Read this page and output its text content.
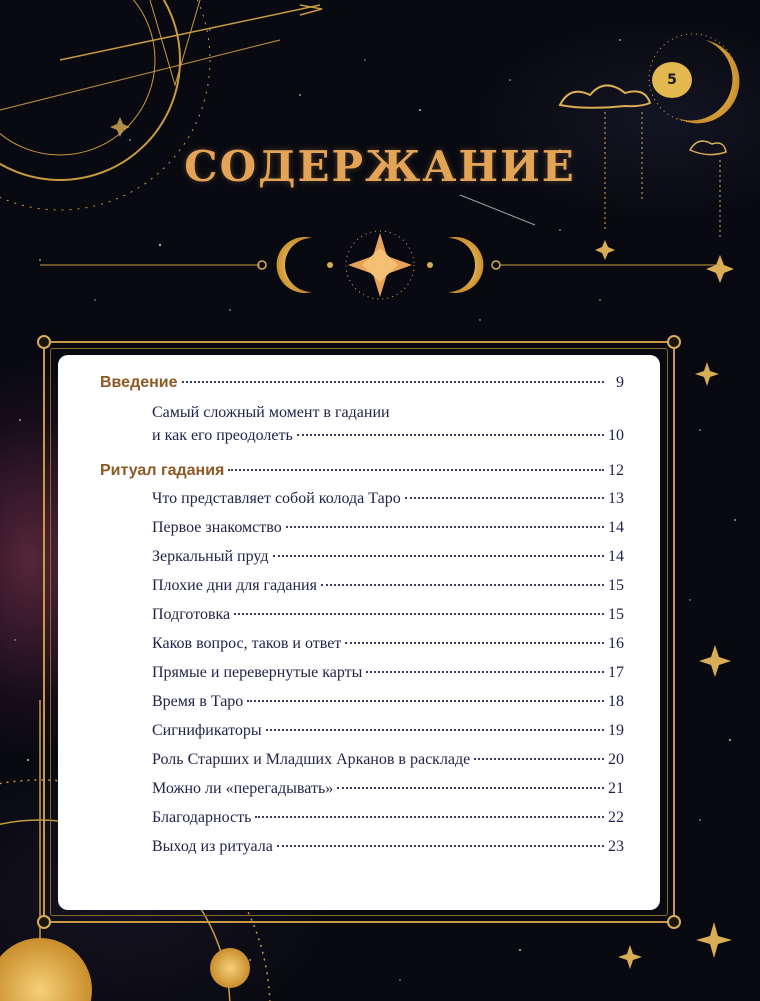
5
СОДЕРЖАНИЕ
Введение	9
Самый сложный момент в гадании
и как его преодолеть	10
Ритуал гадания	12
Что представляет собой колода Таро	13
Первое знакомство	14
Зеркальный пруд	14
Плохие дни для гадания	15
Подготовка	15
Каков вопрос, таков и ответ	16
Прямые и перевернутые карты	17
Время в Таро	18
Сигнификаторы	19
Роль Старших и Младших Арканов в раскладе	20
Можно ли «перегадывать»	21
Благодарность	22
Выход из ритуала	23
